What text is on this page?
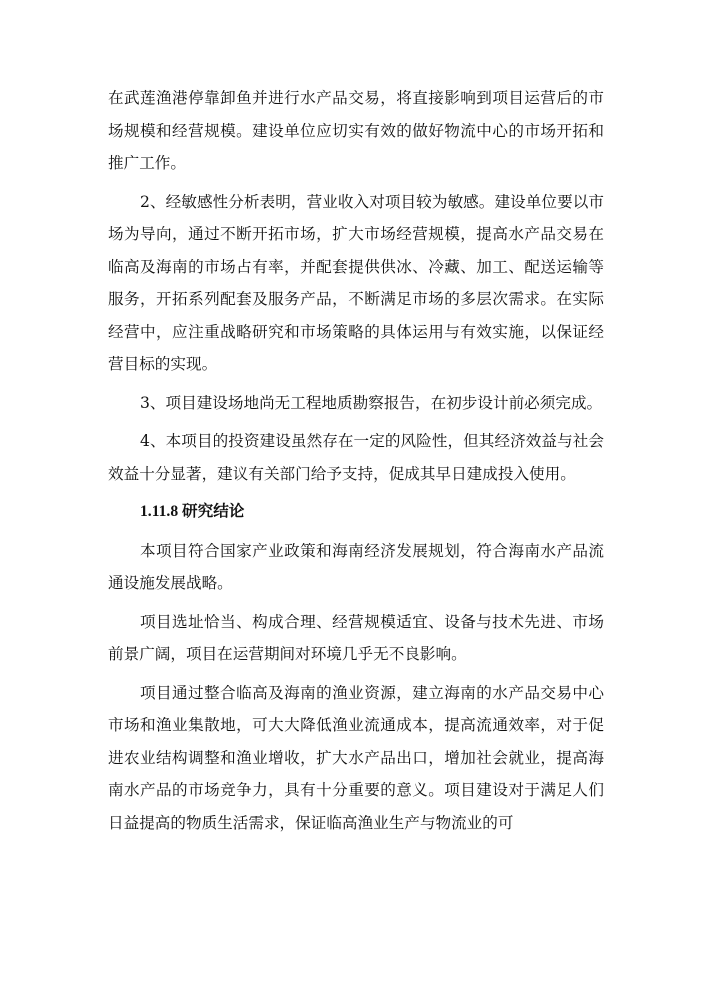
在武莲渔港停靠卸鱼并进行水产品交易，将直接影响到项目运营后的市场规模和经营规模。建设单位应切实有效的做好物流中心的市场开拓和推广工作。

2、经敏感性分析表明，营业收入对项目较为敏感。建设单位要以市场为导向，通过不断开拓市场，扩大市场经营规模，提高水产品交易在临高及海南的市场占有率，并配套提供供冰、冷藏、加工、配送运输等服务，开拓系列配套及服务产品，不断满足市场的多层次需求。在实际经营中，应注重战略研究和市场策略的具体运用与有效实施，以保证经营目标的实现。

3、项目建设场地尚无工程地质勘察报告，在初步设计前必须完成。

4、本项目的投资建设虽然存在一定的风险性，但其经济效益与社会效益十分显著，建议有关部门给予支持，促成其早日建成投入使用。

1.11.8 研究结论

本项目符合国家产业政策和海南经济发展规划，符合海南水产品流通设施发展战略。

项目选址恰当、构成合理、经营规模适宜、设备与技术先进、市场前景广阔，项目在运营期间对环境几乎无不良影响。

项目通过整合临高及海南的渔业资源，建立海南的水产品交易中心市场和渔业集散地，可大大降低渔业流通成本，提高流通效率，对于促进农业结构调整和渔业增收，扩大水产品出口，增加社会就业，提高海南水产品的市场竞争力，具有十分重要的意义。项目建设对于满足人们日益提高的物质生活需求，保证临高渔业生产与物流业的可
